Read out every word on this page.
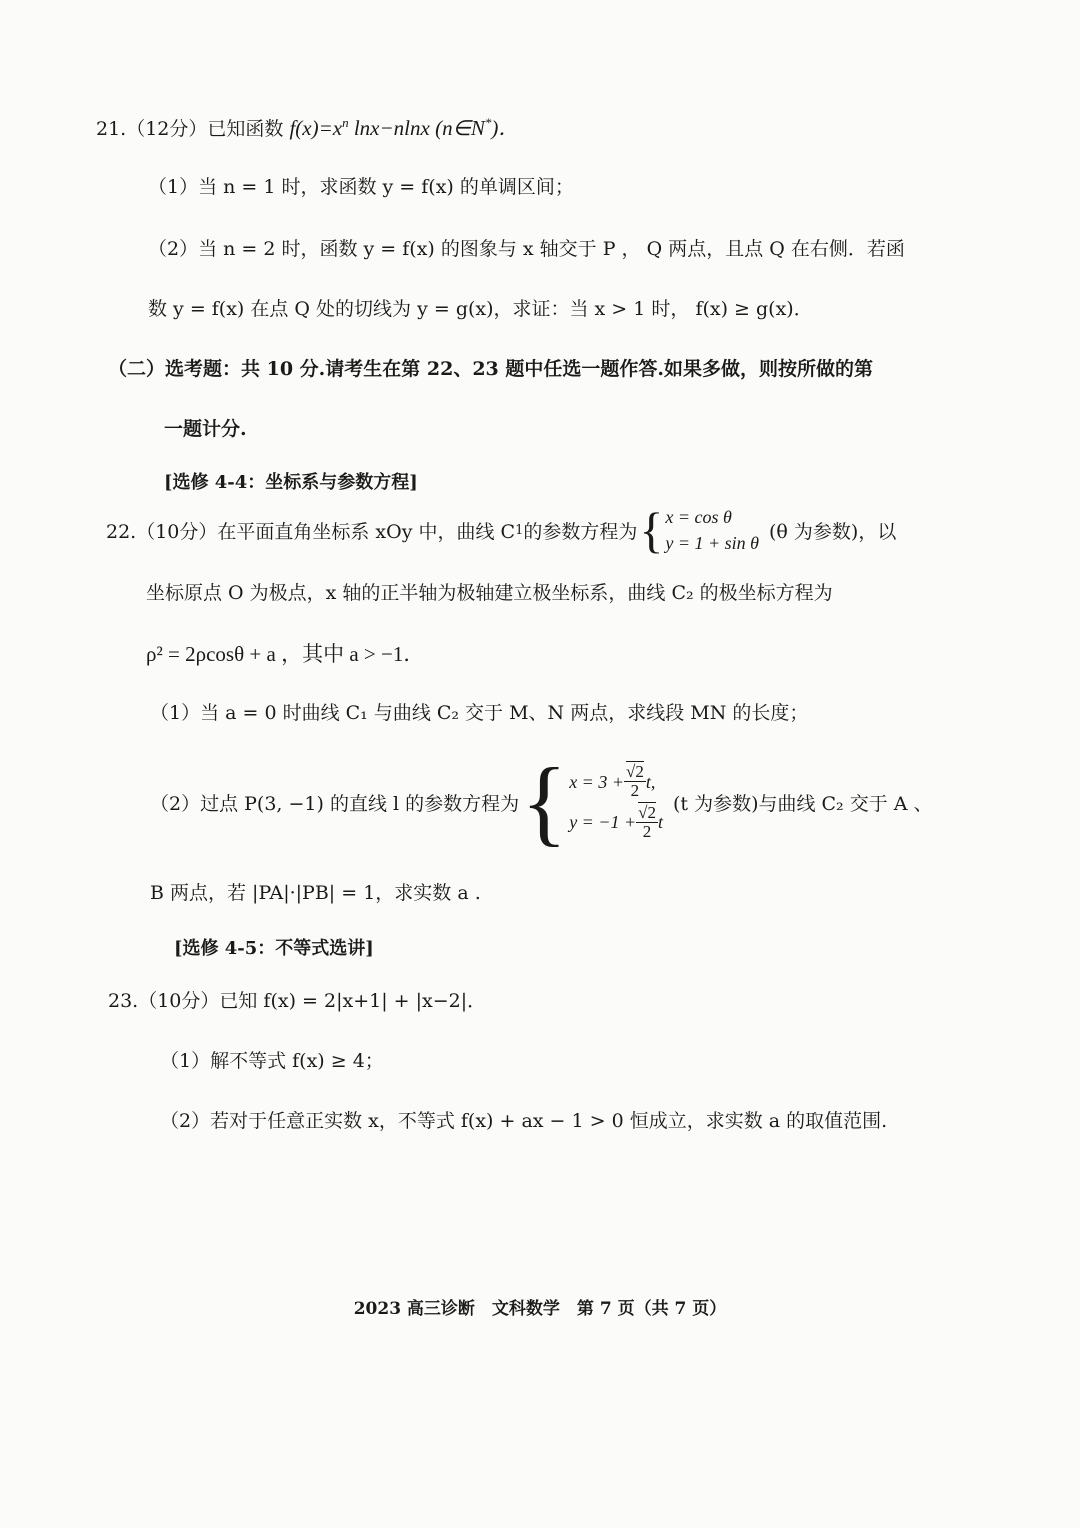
21.（12分）已知函数 $f(x)=x^n$ lnx−nlnx (n∈N*)．
（1）当 n = 1 时，求函数 y = f(x) 的单调区间；
（2）当 n = 2 时，函数 y = f(x) 的图象与 x 轴交于 P ， Q 两点，且点 Q 在右侧．若函
数 y = f(x) 在点 Q 处的切线为 y = g(x)，求证：当 x > 1 时， f(x) ≥ g(x)．
（二）选考题：共 10 分.请考生在第 22、23 题中任选一题作答.如果多做，则按所做的第
一题计分.
[选修 4-4：坐标系与参数方程]
22.（10分）在平面直角坐标系 xOy 中，曲线 C 1 的参数方程为 { x = cos θ
y = 1 + sin θ
(θ 为参数)，以
坐标原点 O 为极点，x 轴的正半轴为极轴建立极坐标系，曲线 C₂ 的极坐标方程为
ρ² = 2ρcosθ + a ，其中 a > −1．
（1）当 a = 0 时曲线 C₁ 与曲线 C₂ 交于 M、N 两点，求线段 MN 的长度；
（2）过点 P(3, −1) 的直线 l 的参数方程为 { $x = 3 + \frac{√2}{2} t$,
$y = -1 + \frac{√2}{2}$ t
(t 为参数)与曲线 C₂ 交于 A 、
B 两点，若 |PA|·|PB| = 1，求实数 a .
[选修 4-5：不等式选讲]
23.（10分）已知 f(x) = 2|x+1| + |x−2|．
（1）解不等式 f(x) ≥ 4；
（2）若对于任意正实数 x，不等式 f(x) + ax − 1 > 0 恒成立，求实数 a 的取值范围.
2023 高三诊断　文科数学　第 7 页（共 7 页）
